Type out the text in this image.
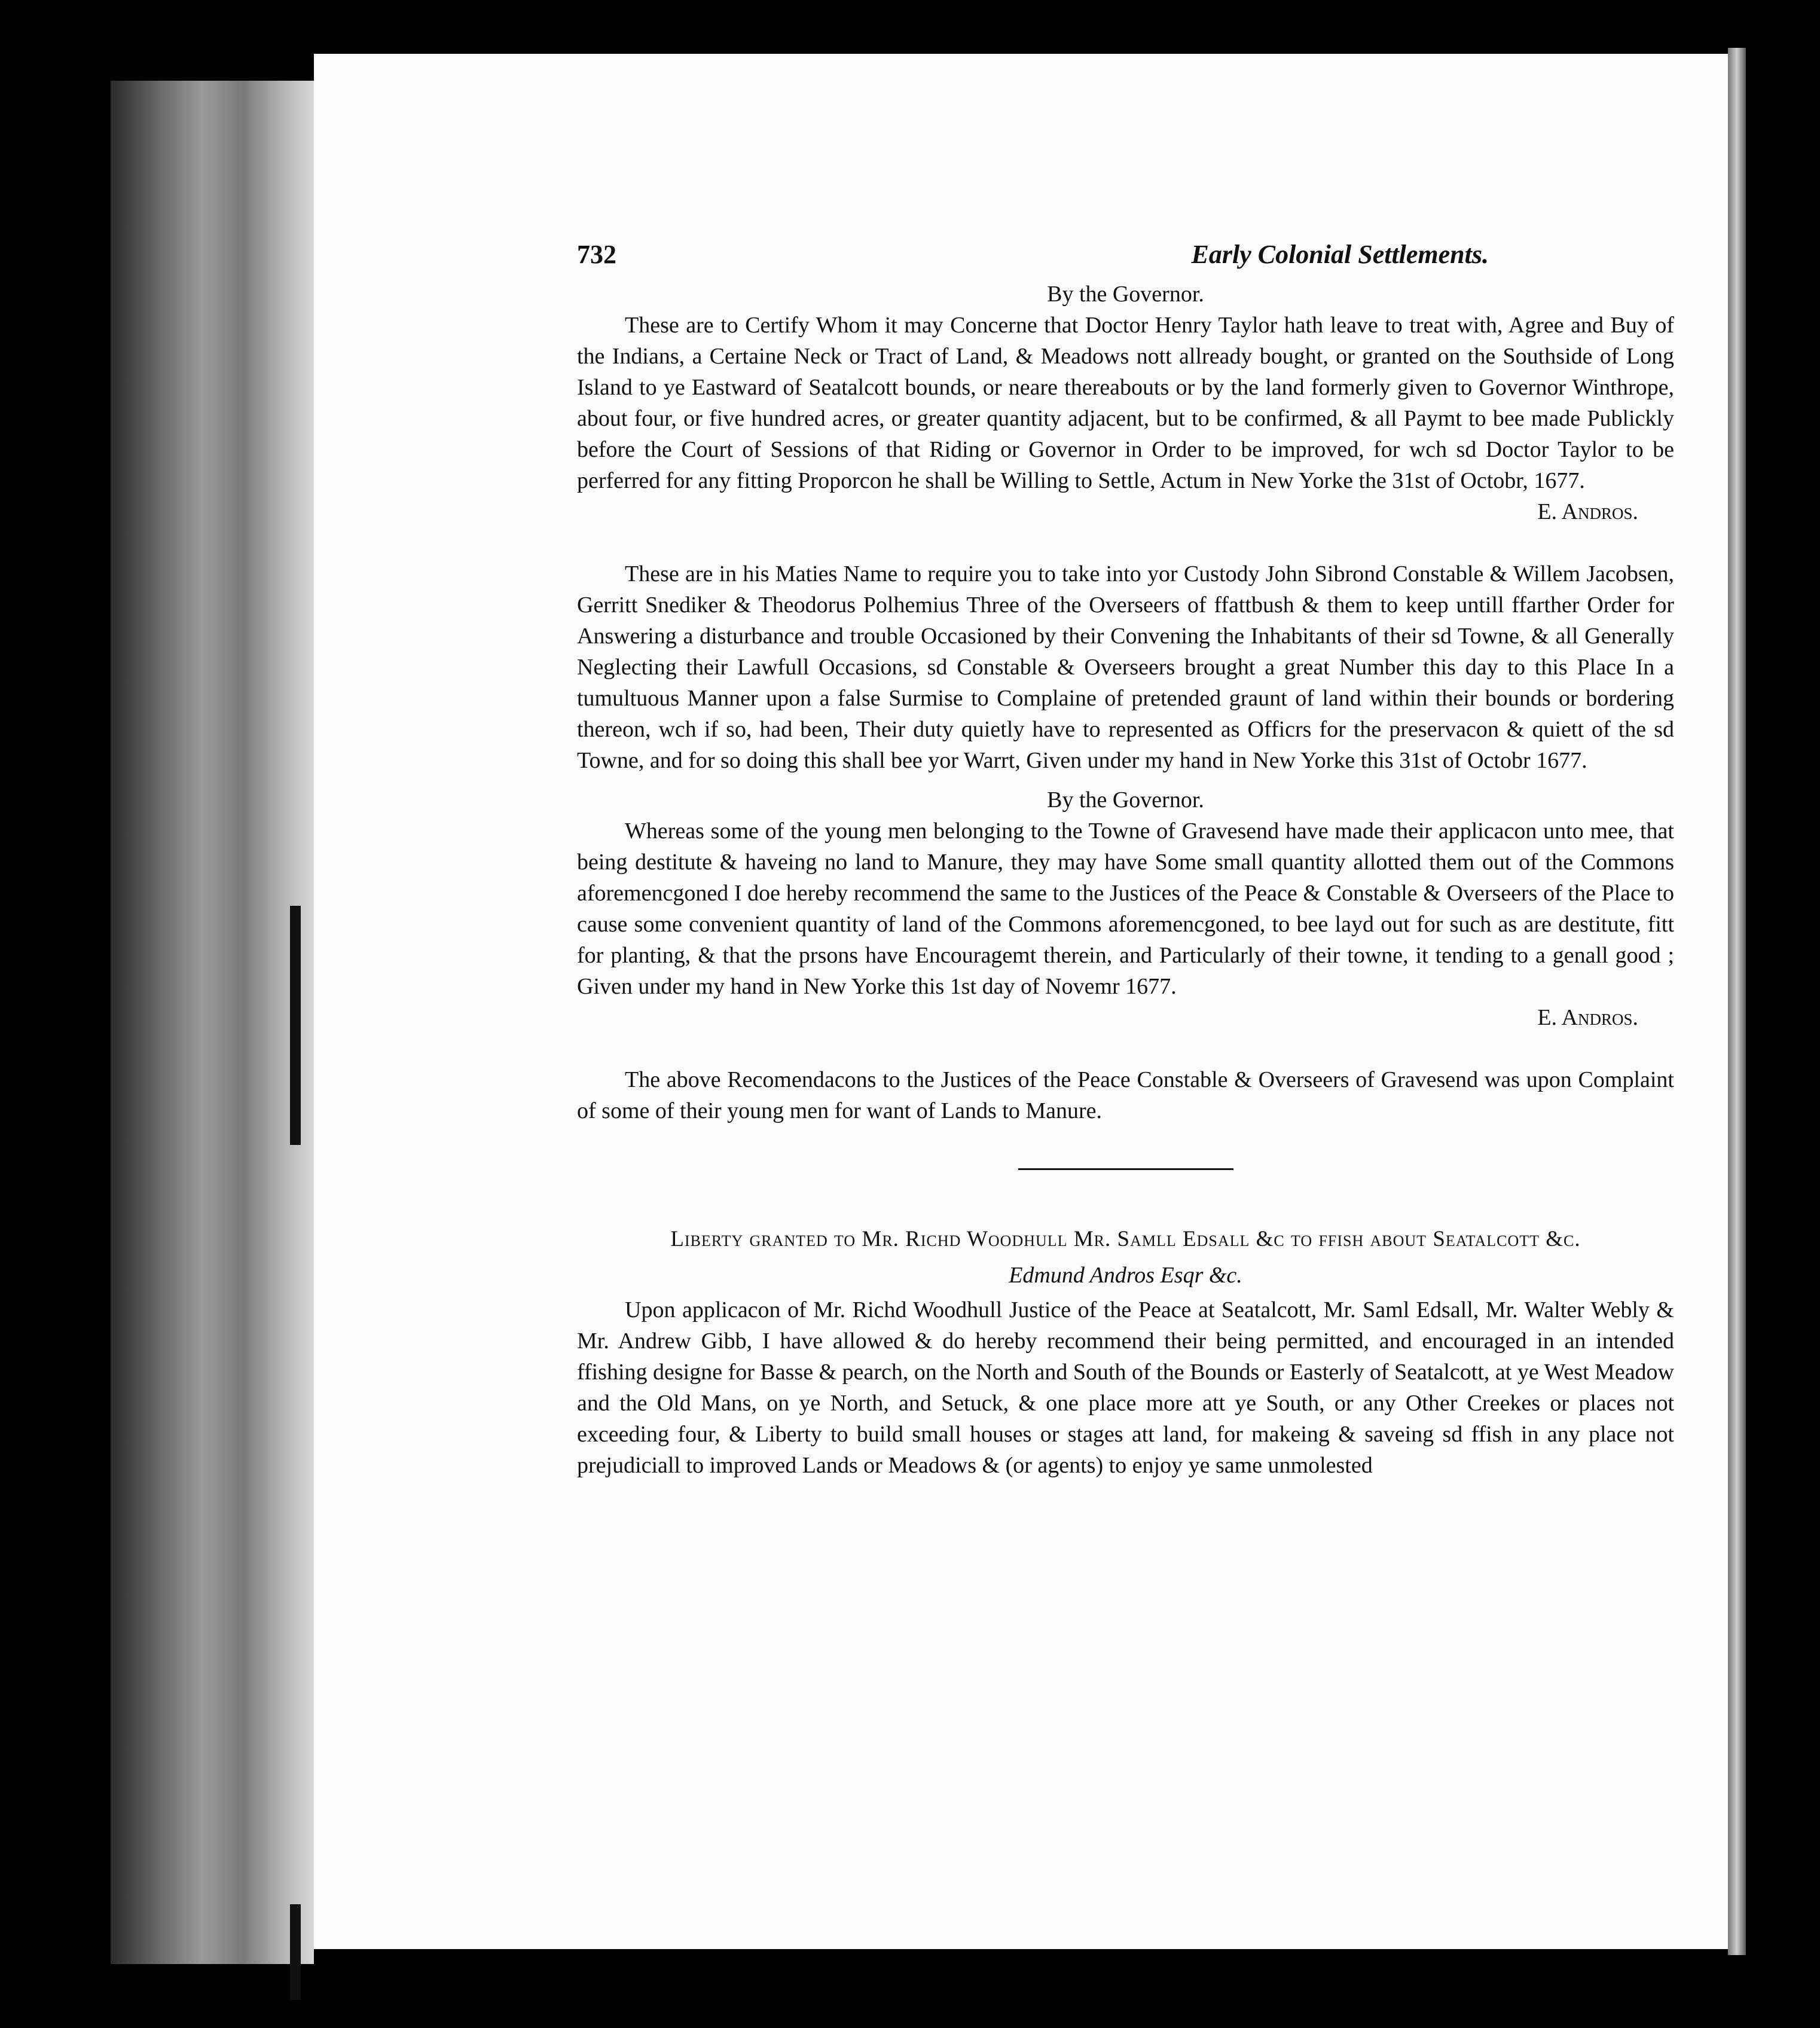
732	Early Colonial Settlements.
By the Governor.

These are to Certify Whom it may Concerne that Doctor Henry Taylor hath leave to treat with, Agree and Buy of the Indians, a Certaine Neck or Tract of Land, & Meadows nott allready bought, or granted on the Southside of Long Island to ye Eastward of Seatalcott bounds, or neare thereabouts or by the land formerly given to Governor Winthrope, about four, or five hundred acres, or greater quantity adjacent, but to be confirmed, & all Paymt to bee made Publickly before the Court of Sessions of that Riding or Governor in Order to be improved, for wch sd Doctor Taylor to be perferred for any fitting Proporcon he shall be Willing to Settle, Actum in New Yorke the 31st of Octobr, 1677.

E. Andros.

These are in his Maties Name to require you to take into yor Custody John Sibrond Constable & Willem Jacobsen, Gerritt Snediker & Theodorus Polhemius Three of the Overseers of ffattbush & them to keep untill ffarther Order for Answering a disturbance and trouble Occasioned by their Convening the Inhabitants of their sd Towne, & all Generally Neglecting their Lawfull Occasions, sd Constable & Overseers brought a great Number this day to this Place In a tumultuous Manner upon a false Surmise to Complaine of pretended graunt of land within their bounds or bordering thereon, wch if so, had been, Their duty quietly have to represented as Officrs for the preservacon & quiett of the sd Towne, and for so doing this shall bee yor Warrt, Given under my hand in New Yorke this 31st of Octobr 1677.

By the Governor.

Whereas some of the young men belonging to the Towne of Gravesend have made their applicacon unto mee, that being destitute & haveing no land to Manure, they may have Some small quantity allotted them out of the Commons aforemencgoned I doe hereby recommend the same to the Justices of the Peace & Constable & Overseers of the Place to cause some convenient quantity of land of the Commons aforemencgoned, to bee layd out for such as are destitute, fitt for planting, & that the prsons have Encouragemt therein, and Particularly of their towne, it tending to a genall good ; Given under my hand in New Yorke this 1st day of Novemr 1677.

E. Andros.

The above Recomendacons to the Justices of the Peace Constable & Overseers of Gravesend was upon Complaint of some of their young men for want of Lands to Manure.

Liberty granted to Mr. Richd Woodhull Mr. Samll Edsall &c to ffish about Seatalcott &c.
Edmund Andros Esqr &c.

Upon applicacon of Mr. Richd Woodhull Justice of the Peace at Seatalcott, Mr. Saml Edsall, Mr. Walter Webly & Mr. Andrew Gibb, I have allowed & do hereby recommend their being permitted, and encouraged in an intended ffishing designe for Basse & pearch, on the North and South of the Bounds or Easterly of Seatalcott, at ye West Meadow and the Old Mans, on ye North, and Setuck, & one place more att ye South, or any Other Creekes or places not exceeding four, & Liberty to build small houses or stages att land, for makeing & saveing sd ffish in any place not prejudiciall to improved Lands or Meadows & (or agents) to enjoy ye same unmolested
